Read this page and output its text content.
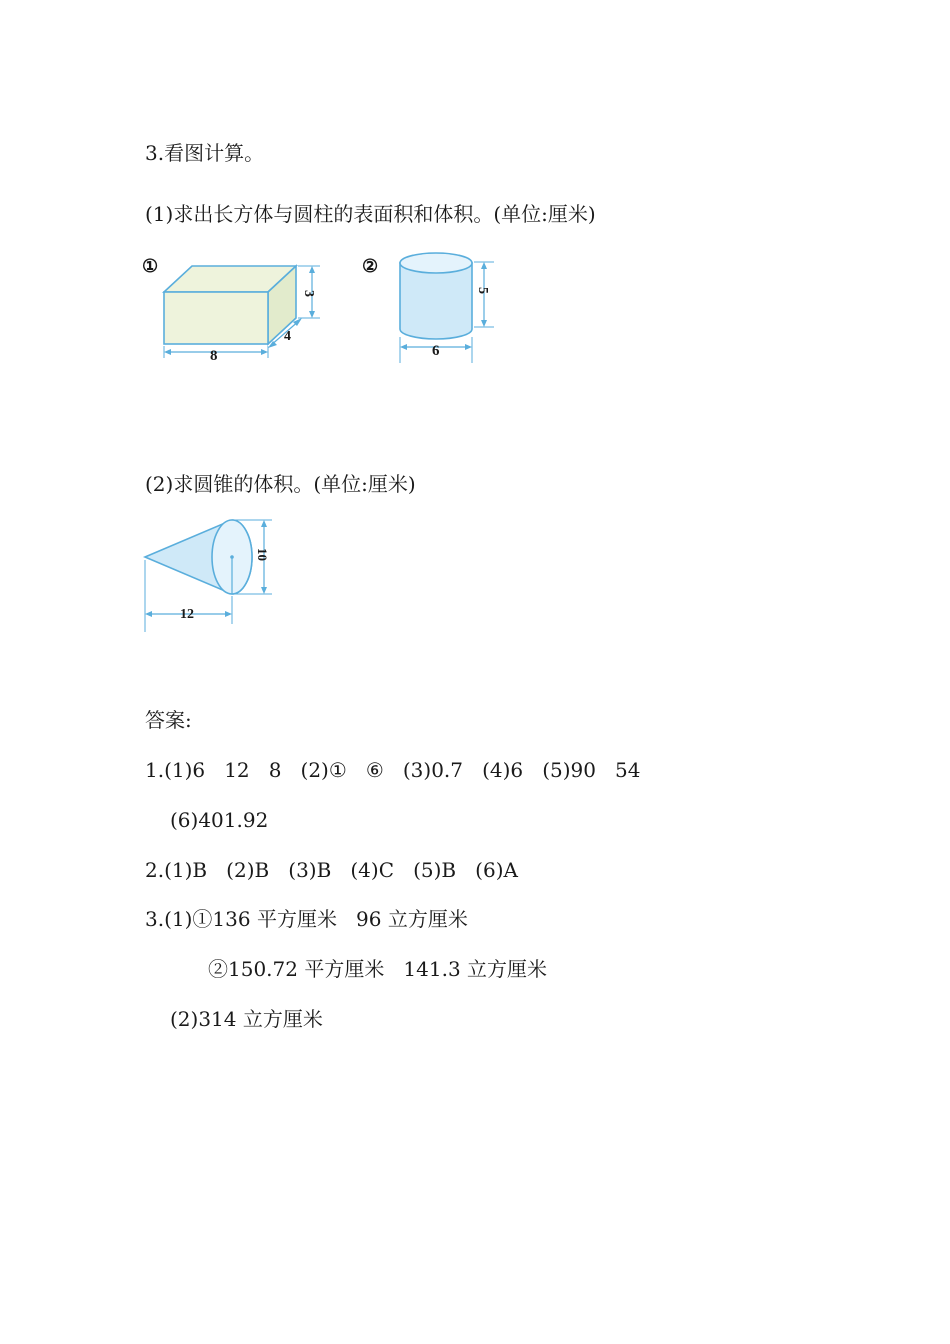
3.看图计算。
(1)求出长方体与圆柱的表面积和体积。(单位:厘米)
①
3
8
4
②
5
6
(2)求圆锥的体积。(单位:厘米)
10
12
答案:
1.(1)6   12   8   (2)①   ⑥   (3)0.7   (4)6   (5)90   54
(6)401.92
2.(1)B   (2)B   (3)B   (4)C   (5)B   (6)A
3.(1)①136 平方厘米   96 立方厘米
②150.72 平方厘米   141.3 立方厘米
(2)314 立方厘米
